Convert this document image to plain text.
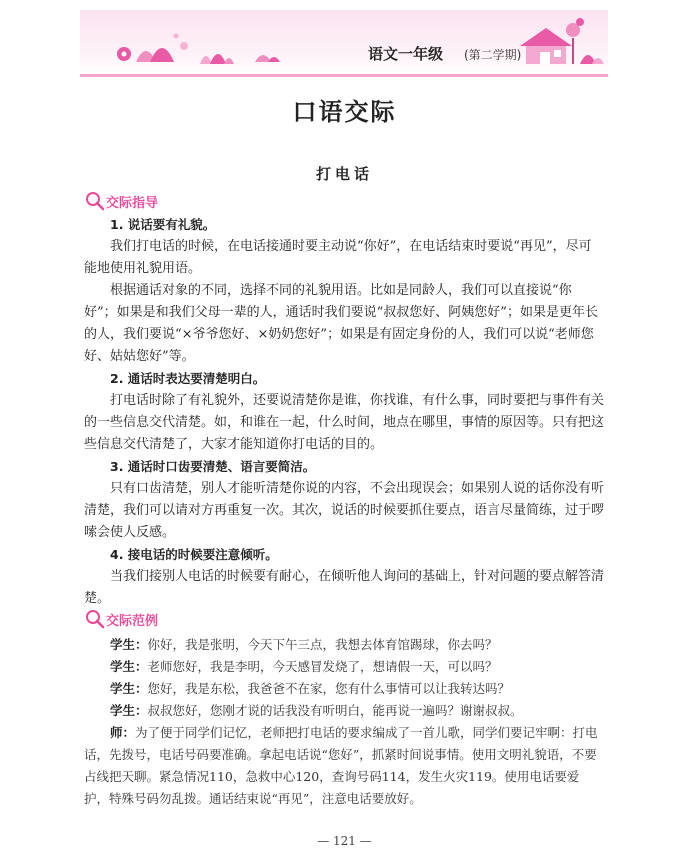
语文一年级 (第二学期)
口语交际
打电话
交际指导

1. 说话要有礼貌。

我们打电话的时候，在电话接通时要主动说“你好”，在电话结束时要说“再见”，尽可能地使用礼貌用语。

根据通话对象的不同，选择不同的礼貌用语。比如是同龄人，我们可以直接说“你好”；如果是和我们父母一辈的人，通话时我们要说“叔叔您好、阿姨您好”；如果是更年长的人，我们要说“×爷爷您好、×奶奶您好”；如果是有固定身份的人，我们可以说“老师您好、姑姑您好”等。

2. 通话时表达要清楚明白。

打电话时除了有礼貌外，还要说清楚你是谁，你找谁，有什么事，同时要把与事件有关的一些信息交代清楚。如，和谁在一起，什么时间，地点在哪里，事情的原因等。只有把这些信息交代清楚了，大家才能知道你打电话的目的。

3. 通话时口齿要清楚、语言要简洁。

只有口齿清楚，别人才能听清楚你说的内容，不会出现误会；如果别人说的话你没有听清楚，我们可以请对方再重复一次。其次，说话的时候要抓住要点，语言尽量简练，过于啰嗦会使人反感。

4. 接电话的时候要注意倾听。

当我们接别人电话的时候要有耐心，在倾听他人询问的基础上，针对问题的要点解答清楚。

交际范例

学生：你好，我是张明，今天下午三点，我想去体育馆踢球，你去吗？

学生：老师您好，我是李明，今天感冒发烧了，想请假一天，可以吗？

学生：您好，我是东松，我爸爸不在家，您有什么事情可以让我转达吗？

学生：叔叔您好，您刚才说的话我没有听明白，能再说一遍吗？谢谢叔叔。

师：为了便于同学们记忆，老师把打电话的要求编成了一首儿歌，同学们要记牢啊：打电话，先拨号，电话号码要准确。拿起电话说“您好”，抓紧时间说事情。使用文明礼貌语，不要占线把天聊。紧急情况110，急救中心120，查询号码114，发生火灾119。使用电话要爱护，特殊号码勿乱拨。通话结束说“再见”，注意电话要放好。

— 121 —
